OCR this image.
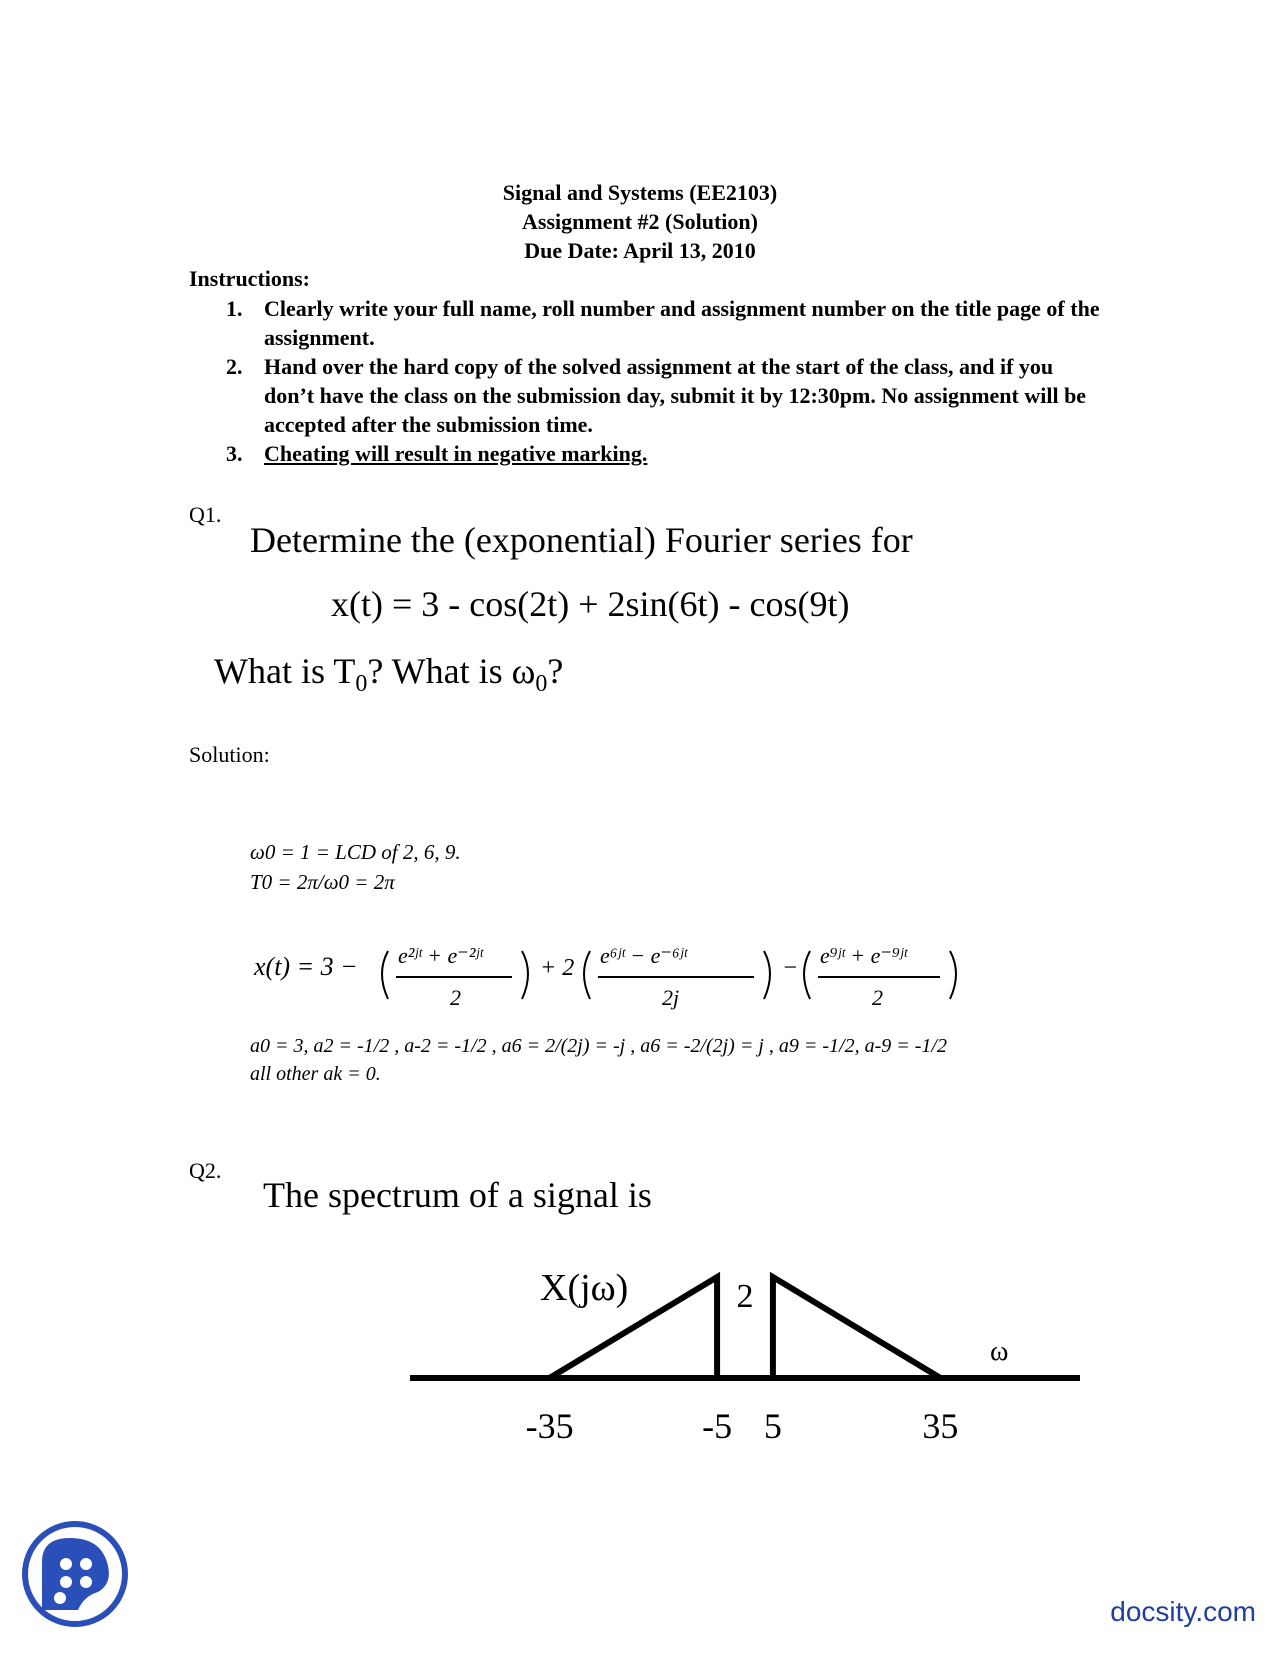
Signal and Systems (EE2103)
Assignment #2 (Solution)
Due Date: April 13, 2010
Instructions:
1. Clearly write your full name, roll number and assignment number on the title page of the assignment.
2. Hand over the hard copy of the solved assignment at the start of the class, and if you don’t have the class on the submission day, submit it by 12:30pm. No assignment will be accepted after the submission time.
3. Cheating will result in negative marking.
Q1.
Determine the (exponential) Fourier series for
x(t) = 3 - cos(2t) + 2sin(6t) - cos(9t)
What is $T_0$? What is $\omega_0$?
Solution:
ω0 = 1 = LCD of 2, 6, 9.
T0 = 2π/ω0 = 2π
x(t) = 3 − e²ʲᵗ + e⁻²ʲᵗ
2
+ 2 e⁶ʲᵗ − e⁻⁶ʲᵗ
2j
− e⁹ʲᵗ + e⁻⁹ʲᵗ
2
a0 = 3, a2 = -1/2 , a-2 = -1/2 , a6 = 2/(2j) = -j , a6 = -2/(2j) = j , a9 = -1/2, a-9 = -1/2
all other ak = 0.
Q2.
The spectrum of a signal is
X(jω)
ω
-35	-5 5	35
2
docsity.com
